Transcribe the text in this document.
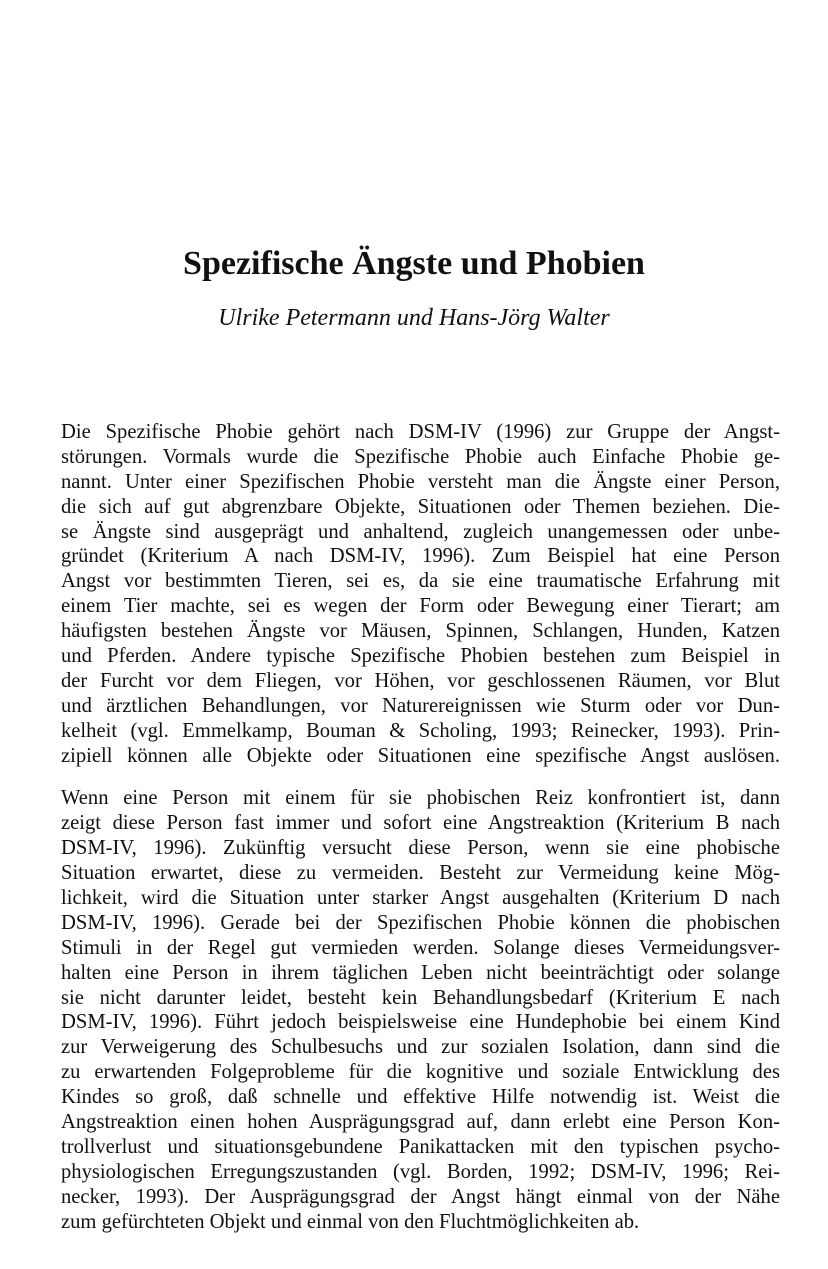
Spezifische Ängste und Phobien

Ulrike Petermann und Hans-Jörg Walter

Die Spezifische Phobie gehört nach DSM-IV (1996) zur Gruppe der Angst-
störungen. Vormals wurde die Spezifische Phobie auch Einfache Phobie ge-
nannt. Unter einer Spezifischen Phobie versteht man die Ängste einer Person,
die sich auf gut abgrenzbare Objekte, Situationen oder Themen beziehen. Die-
se Ängste sind ausgeprägt und anhaltend, zugleich unangemessen oder unbe-
gründet (Kriterium A nach DSM-IV, 1996). Zum Beispiel hat eine Person
Angst vor bestimmten Tieren, sei es, da sie eine traumatische Erfahrung mit
einem Tier machte, sei es wegen der Form oder Bewegung einer Tierart; am
häufigsten bestehen Ängste vor Mäusen, Spinnen, Schlangen, Hunden, Katzen
und Pferden. Andere typische Spezifische Phobien bestehen zum Beispiel in
der Furcht vor dem Fliegen, vor Höhen, vor geschlossenen Räumen, vor Blut
und ärztlichen Behandlungen, vor Naturereignissen wie Sturm oder vor Dun-
kelheit (vgl. Emmelkamp, Bouman & Scholing, 1993; Reinecker, 1993). Prin-
zipiell können alle Objekte oder Situationen eine spezifische Angst auslösen.

Wenn eine Person mit einem für sie phobischen Reiz konfrontiert ist, dann
zeigt diese Person fast immer und sofort eine Angstreaktion (Kriterium B nach
DSM-IV, 1996). Zukünftig versucht diese Person, wenn sie eine phobische
Situation erwartet, diese zu vermeiden. Besteht zur Vermeidung keine Mög-
lichkeit, wird die Situation unter starker Angst ausgehalten (Kriterium D nach
DSM-IV, 1996). Gerade bei der Spezifischen Phobie können die phobischen
Stimuli in der Regel gut vermieden werden. Solange dieses Vermeidungsver-
halten eine Person in ihrem täglichen Leben nicht beeinträchtigt oder solange
sie nicht darunter leidet, besteht kein Behandlungsbedarf (Kriterium E nach
DSM-IV, 1996). Führt jedoch beispielsweise eine Hundephobie bei einem Kind
zur Verweigerung des Schulbesuchs und zur sozialen Isolation, dann sind die
zu erwartenden Folgeprobleme für die kognitive und soziale Entwicklung des
Kindes so groß, daß schnelle und effektive Hilfe notwendig ist. Weist die
Angstreaktion einen hohen Ausprägungsgrad auf, dann erlebt eine Person Kon-
trollverlust und situationsgebundene Panikattacken mit den typischen psycho-
physiologischen Erregungszustanden (vgl. Borden, 1992; DSM-IV, 1996; Rei-
necker, 1993). Der Ausprägungsgrad der Angst hängt einmal von der Nähe
zum gefürchteten Objekt und einmal von den Fluchtmöglichkeiten ab.
